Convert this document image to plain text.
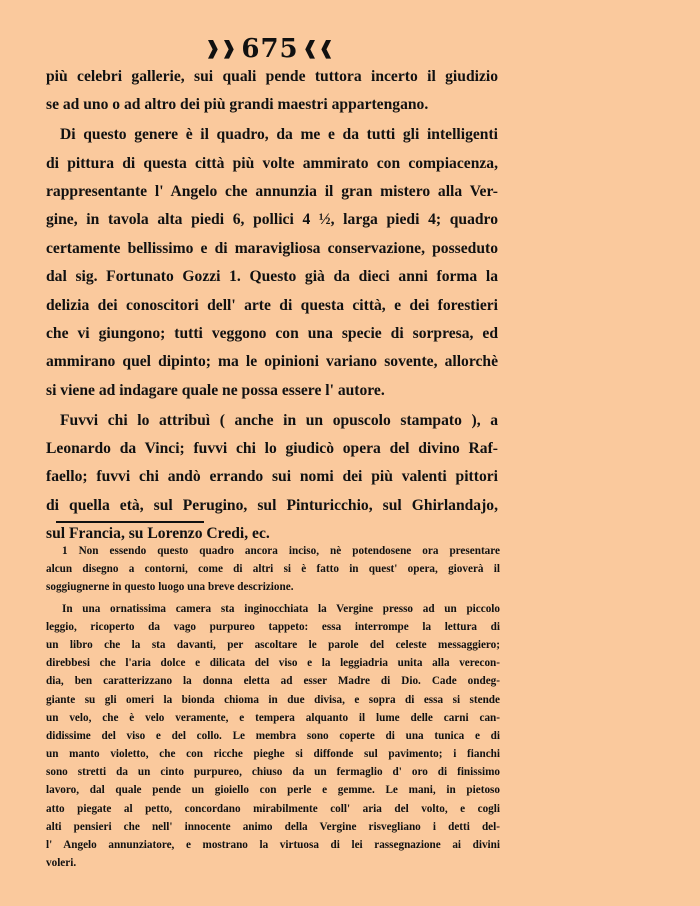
❱❱ 675 ❰❰
più celebri gallerie, sui quali pende tuttora incerto il giudizio
se ad uno o ad altro dei più grandi maestri appartengano.
Di questo genere è il quadro, da me e da tutti gli intelligenti
di pittura di questa città più volte ammirato con compiacenza,
rappresentante l' Angelo che annunzia il gran mistero alla Ver-
gine, in tavola alta piedi 6, pollici 4 ½, larga piedi 4; quadro
certamente bellissimo e di maravigliosa conservazione, posseduto
dal sig. Fortunato Gozzi 1. Questo già da dieci anni forma la
delizia dei conoscitori dell' arte di questa città, e dei forestieri
che vi giungono; tutti veggono con una specie di sorpresa, ed
ammirano quel dipinto; ma le opinioni variano sovente, allorchè
si viene ad indagare quale ne possa essere l' autore.
Fuvvi chi lo attribuì ( anche in un opuscolo stampato ), a
Leonardo da Vinci; fuvvi chi lo giudicò opera del divino Raf-
faello; fuvvi chi andò errando sui nomi dei più valenti pittori
di quella età, sul Perugino, sul Pinturicchio, sul Ghirlandajo,
sul Francia, su Lorenzo Credi, ec.
1 Non essendo questo quadro ancora inciso, nè potendosene ora presentare
alcun disegno a contorni, come di altri si è fatto in quest' opera, gioverà il
soggiugnerne in questo luogo una breve descrizione.
In una ornatissima camera sta inginocchiata la Vergine presso ad un piccolo
leggio, ricoperto da vago purpureo tappeto: essa interrompe la lettura di
un libro che la sta davanti, per ascoltare le parole del celeste messaggiero;
direbbesi che l'aria dolce e dilicata del viso e la leggiadria unita alla verecon-
dia, ben caratterizzano la donna eletta ad esser Madre di Dio. Cade ondeg-
giante su gli omeri la bionda chioma in due divisa, e sopra di essa si stende
un velo, che è velo veramente, e tempera alquanto il lume delle carni can-
didissime del viso e del collo. Le membra sono coperte di una tunica e di
un manto violetto, che con ricche pieghe si diffonde sul pavimento; i fianchi
sono stretti da un cinto purpureo, chiuso da un fermaglio d' oro di finissimo
lavoro, dal quale pende un gioiello con perle e gemme. Le mani, in pietoso
atto piegate al petto, concordano mirabilmente coll' aria del volto, e cogli
alti pensieri che nell' innocente animo della Vergine risvegliano i detti del-
l' Angelo annunziatore, e mostrano la virtuosa di lei rassegnazione ai divini
voleri.
